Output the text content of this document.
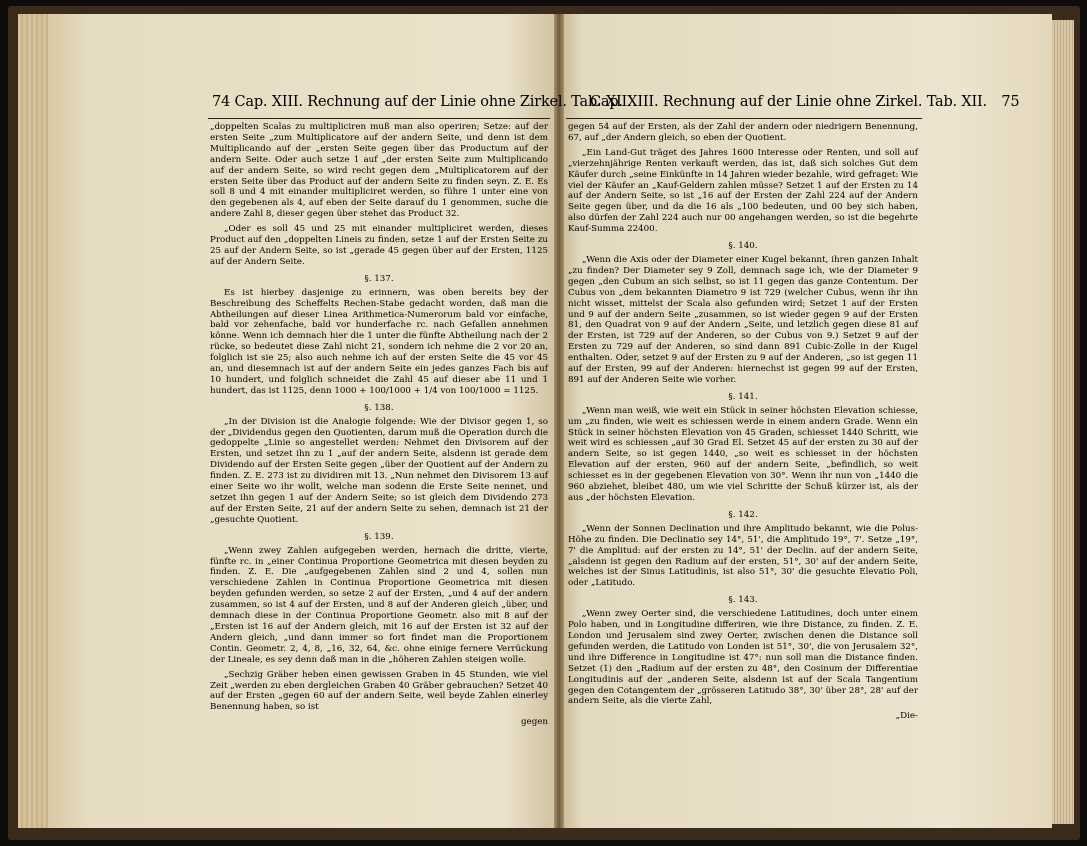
74 Cap. XIII. Rechnung auf der Linie ohne Zirkel. Tab. XII.

„doppelten Scalas zu multipliciren muß man also operiren; Setze: auf der ersten Seite „zum Multiplicatore auf der andern Seite, und denn ist dem Multiplicando auf der „ersten Seite gegen über das Productum auf der andern Seite. Oder auch setze 1 auf „der ersten Seite zum Multiplicando auf der andern Seite, so wird recht gegen dem „Multiplicatorem auf der ersten Seite über das Product auf der andern Seite zu finden seyn. Z. E. Es soll 8 und 4 mit einander multipliciret werden, so führe 1 unter eine von den gegebenen als 4, auf eben der Seite darauf du 1 genommen, suche die andere Zahl 8, dieser gegen über stehet das Product 32.

„Oder es soll 45 und 25 mit einander multipliciret werden, dieses Product auf den „doppelten Lineis zu finden, setze 1 auf der Ersten Seite zu 25 auf der Andern Seite, so ist „gerade 45 gegen über auf der Ersten, 1125 auf der Andern Seite.

§. 137.

Es ist hierbey dasjenige zu erinnern, was oben bereits bey der Beschreibung des Scheffelts Rechen-Stabe gedacht worden, daß man die Abtheilungen auf dieser Linea Arithmetica-Numerorum bald vor einfache, bald vor zehenfache, bald vor hunderfache rc. nach Gefallen annehmen könne. Wenn ich demnach hier die 1 unter die fünfte Abtheilung nach der 2 rücke, so bedeutet diese Zahl nicht 21, sondern ich nehme die 2 vor 20 an, folglich ist sie 25; also auch nehme ich auf der ersten Seite die 45 vor 45 an, und diesemnach ist auf der andern Seite ein jedes ganzes Fach bis auf 10 hundert, und folglich schneidet die Zahl 45 auf dieser abe 11 und 1 hundert, das ist 1125, denn 1000 + 100/1000 + 1/4 von 100/1000 = 1125.

§. 138.

„In der Division ist die Analogie folgende: Wie der Divisor gegen 1, so der „Dividendus gegen den Quotienten, darum muß die Operation durch die gedoppelte „Linie so angestellet werden: Nehmet den Divisorem auf der Ersten, und setzet ihn zu 1 „auf der andern Seite, alsdenn ist gerade dem Dividendo auf der Ersten Seite gegen „über der Quotient auf der Andern zu finden. Z. E. 273 ist zu dividiren mit 13. „Nun nehmet den Divisorem 13 auf einer Seite wo ihr wollt, welche man sodenn die Erste Seite nennet, und setzet ihn gegen 1 auf der Andern Seite; so ist gleich dem Dividendo 273 auf der Ersten Seite, 21 auf der andern Seite zu sehen, demnach ist 21 der „gesuchte Quotient.

§. 139.

„Wenn zwey Zahlen aufgegeben werden, hernach die dritte, vierte, fünfte rc. in „einer Continua Proportione Geometrica mit diesen beyden zu finden. Z. E. Die „aufgegebenen Zahlen sind 2 und 4, sollen nun verschiedene Zahlen in Continua Proportione Geometrica mit diesen beyden gefunden werden, so setze 2 auf der Ersten, „und 4 auf der andern zusammen, so ist 4 auf der Ersten, und 8 auf der Anderen gleich „über, und demnach diese in der Continua Proportione Geometr. also mit 8 auf der „Ersten ist 16 auf der Andern gleich, mit 16 auf der Ersten ist 32 auf der Andern gleich, „und dann immer so fort findet man die Proportionem Contin. Geometr. 2, 4, 8, „16, 32, 64, &c. ohne einige fernere Verrückung der Lineale, es sey denn daß man in die „höheren Zahlen steigen wolle.

„Sechzig Gräber heben einen gewissen Graben in 45 Stunden, wie viel Zeit „werden zu eben dergleichen Graben 40 Gräber gebrauchen? Setzet 40 auf der Ersten „gegen 60 auf der andern Seite, weil beyde Zahlen einerley Benennung haben, so ist

gegen

Cap. XIII. Rechnung auf der Linie ohne Zirkel. Tab. XII. 75

gegen 54 auf der Ersten, als der Zahl der andern oder niedrigern Benennung, 67, auf „der Andern gleich, so eben der Quotient.

„Ein Land-Gut träget des Jahres 1600 Interesse oder Renten, und soll auf „vierzehnjährige Renten verkauft werden, das ist, daß sich solches Gut dem Käufer durch „seine Einkünfte in 14 Jahren wieder bezahle, wird gefraget: Wie viel der Käufer an „Kauf-Geldern zahlen müsse? Setzet 1 auf der Ersten zu 14 auf der Andern Seite, so ist „16 auf der Ersten der Zahl 224 auf der Andern Seite gegen über, und da die 16 als „100 bedeuten, und 00 bey sich haben, also dürfen der Zahl 224 auch nur 00 angehangen werden, so ist die begehrte Kauf-Summa 22400.

§. 140.

„Wenn die Axis oder der Diameter einer Kugel bekannt, ihren ganzen Inhalt „zu finden? Der Diameter sey 9 Zoll, demnach sage ich, wie der Diameter 9 gegen „den Cubum an sich selbst, so ist 11 gegen das ganze Contentum. Der Cubus von „dem bekannten Diametro 9 ist 729 (welcher Cubus, wenn ihr ihn nicht wisset, mittelst der Scala also gefunden wird; Setzet 1 auf der Ersten und 9 auf der andern Seite „zusammen, so ist wieder gegen 9 auf der Ersten 81, den Quadrat von 9 auf der Andern „Seite, und letzlich gegen diese 81 auf der Ersten, ist 729 auf der Anderen, so der Cubus von 9.) Setzet 9 auf der Ersten zu 729 auf der Anderen, so sind dann 891 Cubic-Zolle in der Kugel enthalten. Oder, setzet 9 auf der Ersten zu 9 auf der Anderen, „so ist gegen 11 auf der Ersten, 99 auf der Anderen: hiernechst ist gegen 99 auf der Ersten, 891 auf der Anderen Seite wie vorher.

§. 141.

„Wenn man weiß, wie weit ein Stück in seiner höchsten Elevation schiesse, um „zu finden, wie weit es schiessen werde in einem andern Grade. Wenn ein Stück in seiner höchsten Elevation von 45 Graden, schiesset 1440 Schritt, wie weit wird es schiessen „auf 30 Grad El. Setzet 45 auf der ersten zu 30 auf der andern Seite, so ist gegen 1440, „so weit es schiesset in der höchsten Elevation auf der ersten, 960 auf der andern Seite, „befindlich, so weit schiesset es in der gegebenen Elevation von 30°. Wenn ihr nun von „1440 die 960 abziehet, bleibet 480, um wie viel Schritte der Schuß kürzer ist, als der aus „der höchsten Elevation.

§. 142.

„Wenn der Sonnen Declination und ihre Amplitudo bekannt, wie die Polus-Höhe zu finden. Die Declinatio sey 14°, 51', die Amplitudo 19°, 7'. Setze „19°, 7' die Amplitud: auf der ersten zu 14°, 51' der Declin. auf der andern Seite, „alsdenn ist gegen den Radium auf der ersten, 51°, 30' auf der andern Seite, welches ist der Sinus Latitudinis, ist also 51°, 30' die gesuchte Elevatio Poli, oder „Latitudo.

§. 143.

„Wenn zwey Oerter sind, die verschiedene Latitudines, doch unter einem Polo haben, und in Longitudine differiren, wie ihre Distance, zu finden. Z. E. London und Jerusalem sind zwey Oerter, zwischen denen die Distance soll gefunden werden, die Latitudo von Londen ist 51°, 30', die von Jerusalem 32°, und ihre Difference in Longitudine ist 47°: nun soll man die Distance finden. Setzet (1) den „Radium auf der ersten zu 48°, den Cosinum der Differentiae Longitudinis auf der „anderen Seite, alsdenn ist auf der Scala Tangentium gegen den Cotangentem der „grösseren Latitudo 38°, 30' über 28°, 28' auf der andern Seite, als die vierte Zahl,

„Die-
